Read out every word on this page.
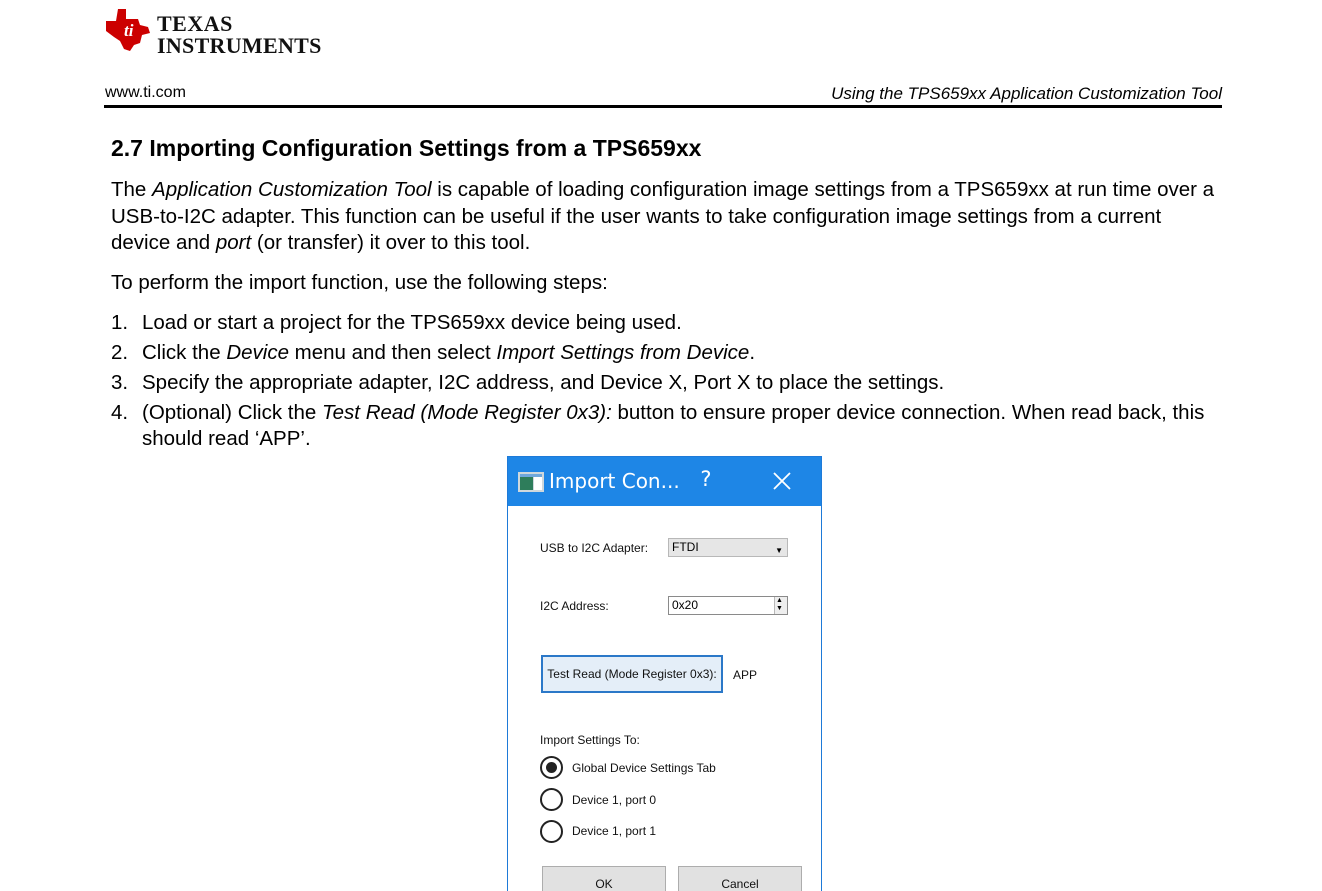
ti TEXAS
INSTRUMENTS
www.ti.com	Using the TPS659xx Application Customization Tool
2.7 Importing Configuration Settings from a TPS659xx
The Application Customization Tool is capable of loading configuration image settings from a TPS659xx at run time over a USB-to-I2C adapter. This function can be useful if the user wants to take configuration image settings from a current device and port (or transfer) it over to this tool.
To perform the import function, use the following steps:
1. Load or start a project for the TPS659xx device being used.
2. Click the Device menu and then select Import Settings from Device.
3. Specify the appropriate adapter, I2C address, and Device X, Port X to place the settings.
4. (Optional) Click the Test Read (Mode Register 0x3): button to ensure proper device connection. When read back, this should read ‘APP’.
Import Con... ?
USB to I2C Adapter:	FTDI	▼
I2C Address:	0x20	▲
▼
Test Read (Mode Register 0x3):	APP
Import Settings To:
Global Device Settings Tab
Device 1, port 0
Device 1, port 1
OK	Cancel
